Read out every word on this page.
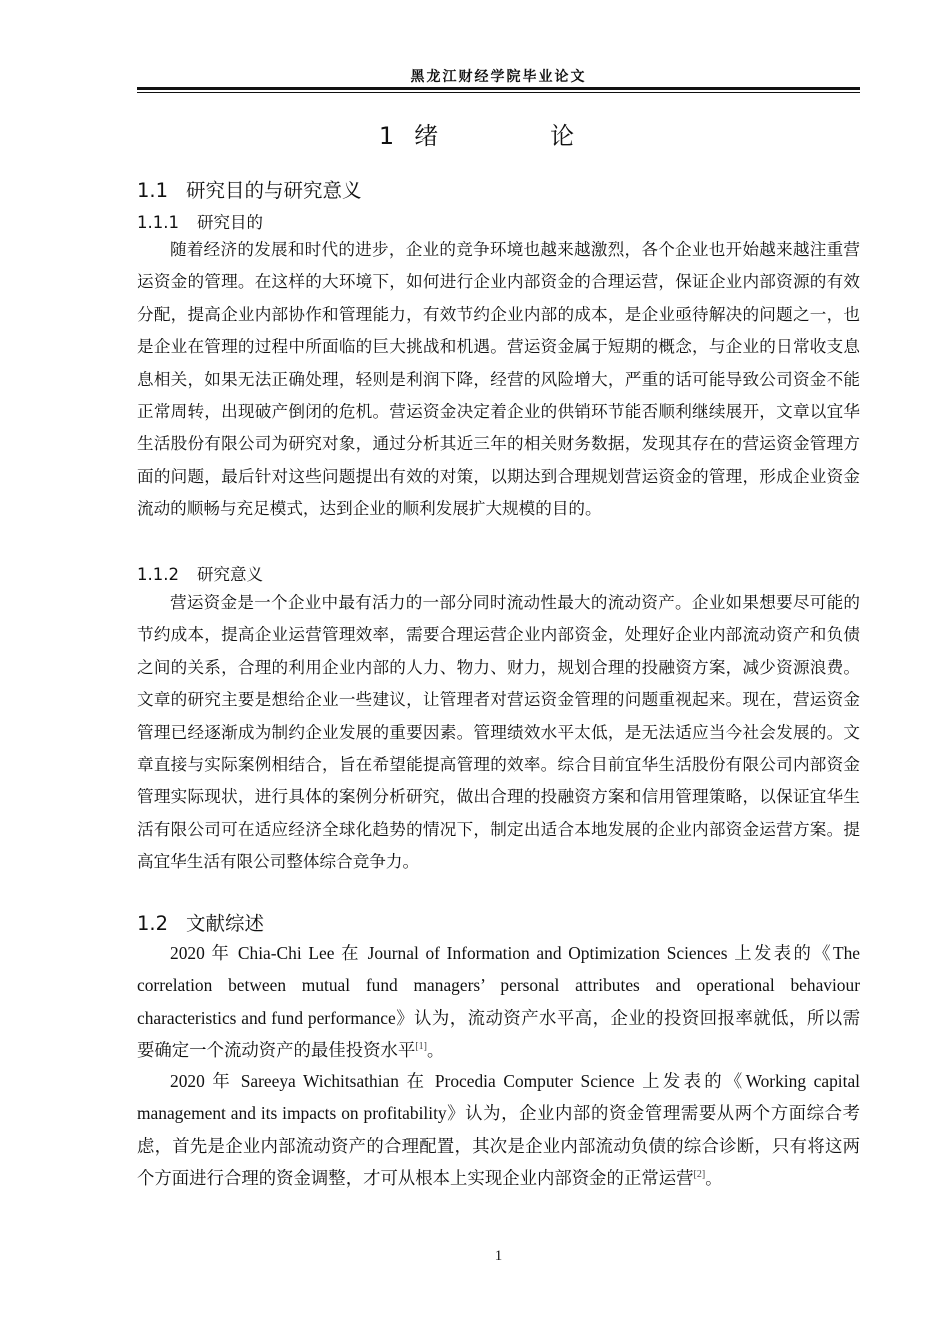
黑龙江财经学院毕业论文
1 绪　论
1.1 研究目的与研究意义
1.1.1 研究目的

随着经济的发展和时代的进步，企业的竞争环境也越来越激烈，各个企业也开始越来越注重营运资金的管理。在这样的大环境下，如何进行企业内部资金的合理运营，保证企业内部资源的有效分配，提高企业内部协作和管理能力，有效节约企业内部的成本，是企业亟待解决的问题之一，也是企业在管理的过程中所面临的巨大挑战和机遇。营运资金属于短期的概念，与企业的日常收支息息相关，如果无法正确处理，轻则是利润下降，经营的风险增大，严重的话可能导致公司资金不能正常周转，出现破产倒闭的危机。营运资金决定着企业的供销环节能否顺利继续展开，文章以宜华生活股份有限公司为研究对象，通过分析其近三年的相关财务数据，发现其存在的营运资金管理方面的问题，最后针对这些问题提出有效的对策，以期达到合理规划营运资金的管理，形成企业资金流动的顺畅与充足模式，达到企业的顺利发展扩大规模的目的。

1.1.2 研究意义

营运资金是一个企业中最有活力的一部分同时流动性最大的流动资产。企业如果想要尽可能的节约成本，提高企业运营管理效率，需要合理运营企业内部资金，处理好企业内部流动资产和负债之间的关系，合理的利用企业内部的人力、物力、财力，规划合理的投融资方案，减少资源浪费。文章的研究主要是想给企业一些建议，让管理者对营运资金管理的问题重视起来。现在，营运资金管理已经逐渐成为制约企业发展的重要因素。管理绩效水平太低，是无法适应当今社会发展的。文章直接与实际案例相结合，旨在希望能提高管理的效率。综合目前宜华生活股份有限公司内部资金管理实际现状，进行具体的案例分析研究，做出合理的投融资方案和信用管理策略，以保证宜华生活有限公司可在适应经济全球化趋势的情况下，制定出适合本地发展的企业内部资金运营方案。提高宜华生活有限公司整体综合竞争力。

1.2 文献综述

2020 年 Chia-Chi Lee 在 Journal of Information and Optimization Sciences 上发表的《The correlation between mutual fund managers’ personal attributes and operational behaviour characteristics and fund performance》认为，流动资产水平高，企业的投资回报率就低，所以需要确定一个流动资产的最佳投资水平[1]。

2020 年 Sareeya Wichitsathian 在 Procedia Computer Science 上发表的《Working capital management and its impacts on profitability》认为，企业内部的资金管理需要从两个方面综合考虑，首先是企业内部流动资产的合理配置，其次是企业内部流动负债的综合诊断，只有将这两个方面进行合理的资金调整，才可从根本上实现企业内部资金的正常运营[2]。

1
